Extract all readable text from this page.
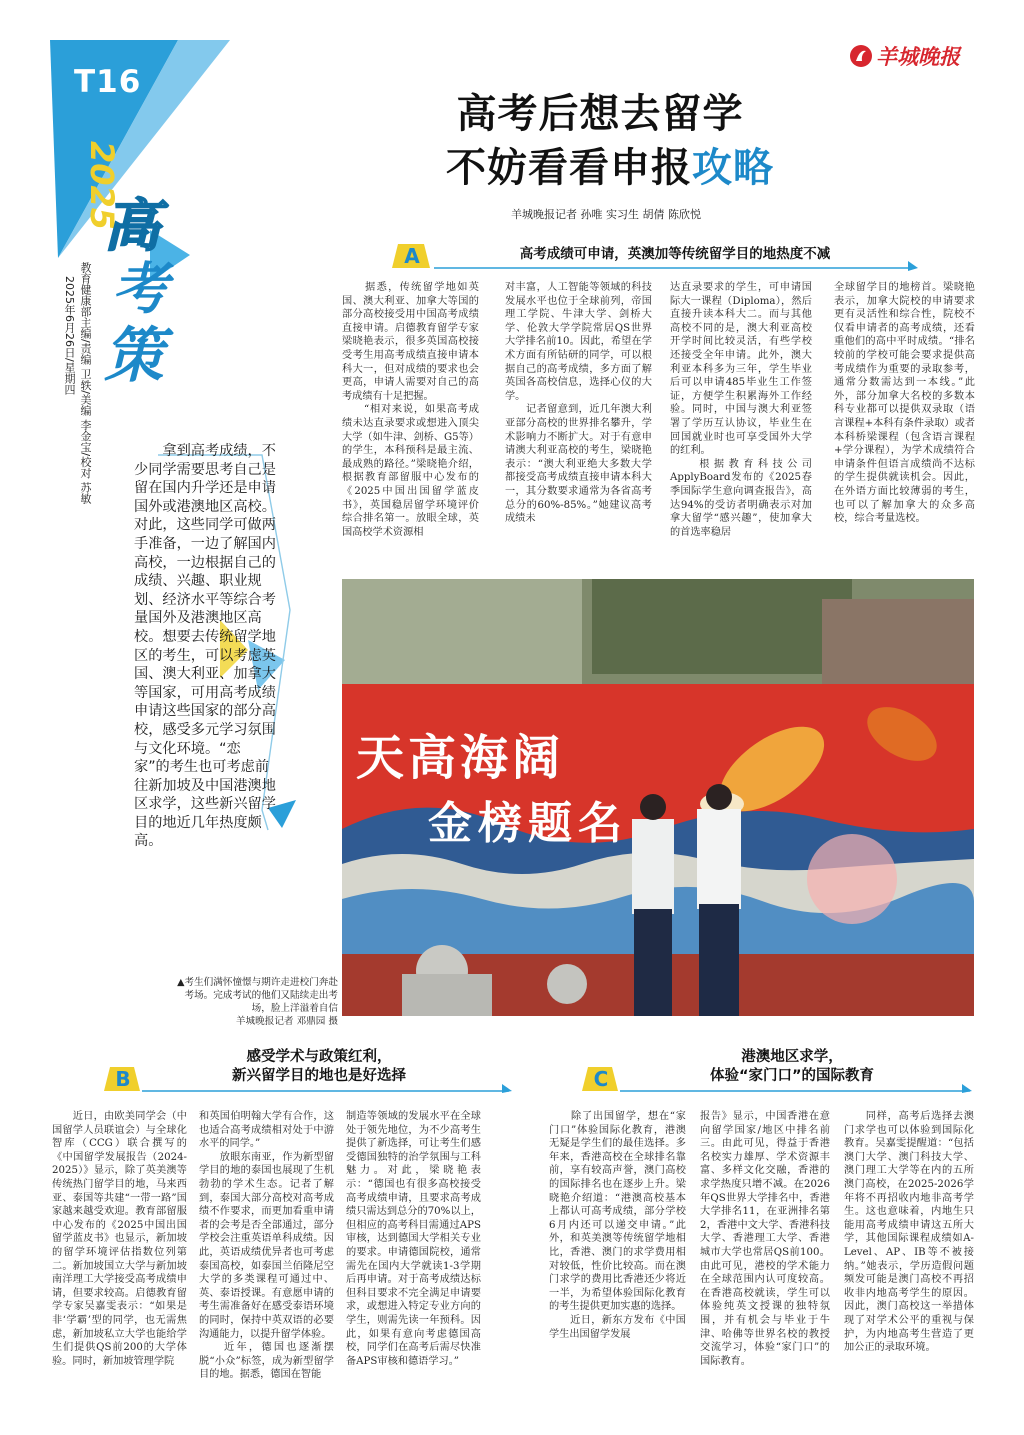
T16
2025
高
考
策
教育健康部主编/责编 卫轶/美编 李金宝/校对 苏敏
2025年6月26日/星期四
羊城晚报
高考后想去留学
不妨看看申报攻略
羊城晚报记者 孙唯 实习生 胡倩 陈欣悦
A	高考成绩可申请，英澳加等传统留学目的地热度不减
　　据悉，传统留学地如英国、澳大利亚、加拿大等国的部分高校接受用中国高考成绩直接申请。启德教育留学专家梁晓艳表示，很多英国高校接受考生用高考成绩直接申请本科大一，但对成绩的要求也会更高，申请人需要对自己的高考成绩有十足把握。
　　“相对来说，如果高考成绩未达直录要求或想进入顶尖大学（如牛津、剑桥、G5等）的学生，本科预科是最主流、最成熟的路径。”梁晓艳介绍，根据教育部留服中心发布的《2025中国出国留学蓝皮书》，英国稳居留学环境评价综合排名第一。放眼全球，英国高校学术资源相
对丰富，人工智能等领域的科技发展水平也位于全球前列，帝国理工学院、牛津大学、剑桥大学、伦敦大学学院常居QS世界大学排名前10。因此，希望在学术方面有所钻研的同学，可以根据自己的高考成绩，多方面了解英国各高校信息，选择心仪的大学。
　　记者留意到，近几年澳大利亚部分高校的世界排名攀升，学术影响力不断扩大。对于有意申请澳大利亚高校的考生，梁晓艳表示：“澳大利亚绝大多数大学都接受高考成绩直接申请本科大一，其分数要求通常为各省高考总分的60%-85%。”她建议高考成绩未
达直录要求的学生，可申请国际大一课程（Diploma），然后直接升读本科大二。而与其他高校不同的是，澳大利亚高校开学时间比较灵活，有些学校还接受全年申请。此外，澳大利亚本科多为三年，学生毕业后可以申请485毕业生工作签证，方便学生积累海外工作经验。同时，中国与澳大利亚签署了学历互认协议，毕业生在回国就业时也可享受国外大学的红利。
　　根据教育科技公司ApplyBoard发布的《2025春季国际学生意向调查报告》，高达94%的受访者明确表示对加拿大留学“感兴趣”，使加拿大的首选率稳居
全球留学目的地榜首。梁晓艳表示，加拿大院校的申请要求更有灵活性和综合性，院校不仅看申请者的高考成绩，还看重他们的高中平时成绩。“排名较前的学校可能会要求提供高考成绩作为重要的录取参考，通常分数需达到一本线。”此外，部分加拿大名校的多数本科专业都可以提供双录取（语言课程+本科有条件录取）或者本科桥梁课程（包含语言课程+学分课程），为学术成绩符合申请条件但语言成绩尚不达标的学生提供就读机会。因此，在外语方面比较薄弱的考生，也可以了解加拿大的众多高校，综合考量选校。
拿到高考成绩，不少同学需要思考自己是留在国内升学还是申请国外或港澳地区高校。对此，这些同学可做两手准备，一边了解国内高校，一边根据自己的成绩、兴趣、职业规划、经济水平等综合考量国外及港澳地区高校。想要去传统留学地区的考生，可以考虑英国、澳大利亚、加拿大等国家，可用高考成绩申请这些国家的部分高校，感受多元学习氛围与文化环境。“恋家”的考生也可考虑前往新加坡及中国港澳地区求学，这些新兴留学目的地近几年热度颇高。
天高海阔
金榜题名
▲考生们满怀憧憬与期许走进校门奔赴考场。完成考试的他们又陆续走出考场，脸上洋溢着自信
羊城晚报记者 邓鼎园 摄
B
感受学术与政策红利，
新兴留学目的地也是好选择
　　近日，由欧美同学会（中国留学人员联谊会）与全球化智库（CCG）联合撰写的《中国留学发展报告（2024-2025）》显示，除了英美澳等传统热门留学目的地，马来西亚、泰国等共建“一带一路”国家越来越受欢迎。教育部留服中心发布的《2025中国出国留学蓝皮书》也显示，新加坡的留学环境评估指数位列第二。新加坡国立大学与新加坡南洋理工大学接受高考成绩申请，但要求较高。启德教育留学专家吴嘉雯表示：“如果是非‘学霸’型的同学，也无需焦虑，新加坡私立大学也能给学生们提供QS前200的大学体验。同时，新加坡管理学院
和英国伯明翰大学有合作，这也适合高考成绩相对处于中游水平的同学。”
　　放眼东南亚，作为新型留学目的地的泰国也展现了生机勃勃的学术生态。记者了解到，泰国大部分高校对高考成绩不作要求，而更加看重申请者的会考是否全部通过，部分学校会注重英语单科成绩。因此，英语成绩优异者也可考虑泰国高校，如泰国兰佰隆尼空大学的多类课程可通过中、英、泰语授课。有意愿申请的考生需准备好在感受泰语环境的同时，保持中英双语的必要沟通能力，以提升留学体验。
　　近年，德国也逐渐摆脱“小众”标签，成为新型留学目的地。据悉，德国在智能
制造等领域的发展水平在全球处于领先地位，为不少高考生提供了新选择，可让考生们感受德国独特的治学氛围与工科魅力。对此，梁晓艳表示：“德国也有很多高校接受高考成绩申请，且要求高考成绩只需达到总分的70%以上，但相应的高考科目需通过APS审核，达到德国大学相关专业的要求。申请德国院校，通常需先在国内大学就读1-3学期后再申请。对于高考成绩达标但科目要求不完全满足申请要求，或想进入特定专业方向的学生，则需先读一年预科。因此，如果有意向考虑德国高校，同学们在高考后需尽快准备APS审核和德语学习。”
C
港澳地区求学，
体验“家门口”的国际教育
　　除了出国留学，想在“家门口”体验国际化教育，港澳无疑是学生们的最佳选择。多年来，香港高校在全球排名靠前，享有较高声誉，澳门高校的国际排名也在逐步上升。梁晓艳介绍道：“港澳高校基本上都认可高考成绩，部分学校6月内还可以递交申请。”此外，和英美澳等传统留学地相比，香港、澳门的求学费用相对较低，性价比较高。而在澳门求学的费用比香港还少将近一半，为希望体验国际化教育的考生提供更加实惠的选择。
　　近日，新东方发布《中国学生出国留学发展
报告》显示，中国香港在意向留学国家/地区中排名前三。由此可见，得益于香港名校实力雄厚、学术资源丰富、多样文化交融，香港的求学热度只增不减。在2026年QS世界大学排名中，香港大学排名11，在亚洲排名第2，香港中文大学、香港科技大学、香港理工大学、香港城市大学也常居QS前100。由此可见，港校的学术能力在全球范围内认可度较高。在香港高校就读，学生可以体验纯英文授课的独特氛围，并有机会与毕业于牛津、哈佛等世界名校的教授交流学习，体验“家门口”的国际教育。
　　同样，高考后选择去澳门求学也可以体验到国际化教育。吴嘉雯提醒道：“包括澳门大学、澳门科技大学、澳门理工大学等在内的五所澳门高校，在2025-2026学年将不再招收内地非高考学生。这也意味着，内地生只能用高考成绩申请这五所大学，其他国际课程成绩如A-Level、AP、IB等不被接纳。”她表示，学历造假问题频发可能是澳门高校不再招收非内地高考学生的原因。因此，澳门高校这一举措体现了对学术公平的重视与保护，为内地高考生营造了更加公正的录取环境。
